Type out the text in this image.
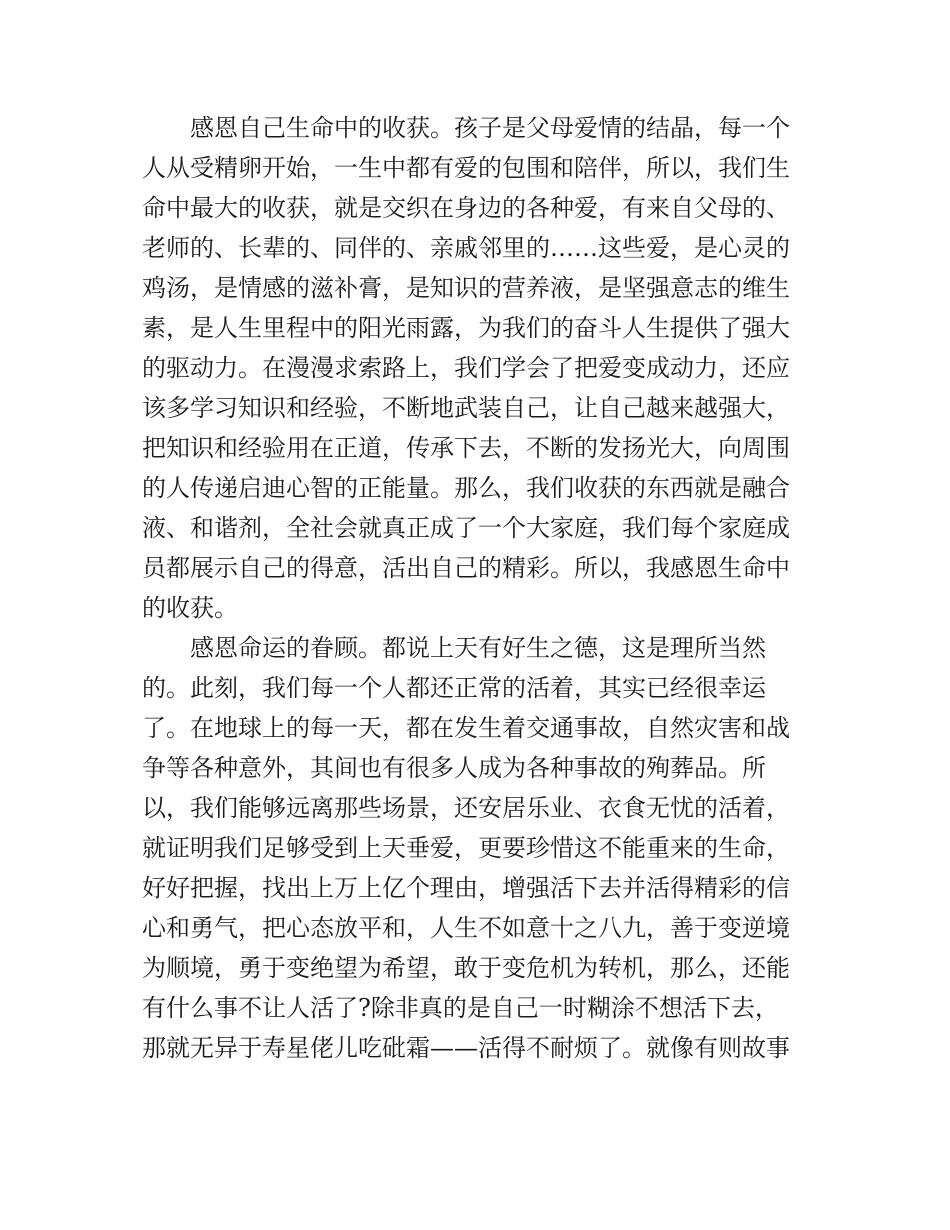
感恩自己生命中的收获。孩子是父母爱情的结晶，每一个
人从受精卵开始，一生中都有爱的包围和陪伴，所以，我们生
命中最大的收获，就是交织在身边的各种爱，有来自父母的、
老师的、长辈的、同伴的、亲戚邻里的……这些爱，是心灵的
鸡汤，是情感的滋补膏，是知识的营养液，是坚强意志的维生
素，是人生里程中的阳光雨露，为我们的奋斗人生提供了强大
的驱动力。在漫漫求索路上，我们学会了把爱变成动力，还应
该多学习知识和经验，不断地武装自己，让自己越来越强大，
把知识和经验用在正道，传承下去，不断的发扬光大，向周围
的人传递启迪心智的正能量。那么，我们收获的东西就是融合
液、和谐剂，全社会就真正成了一个大家庭，我们每个家庭成
员都展示自己的得意，活出自己的精彩。所以，我感恩生命中
的收获。
感恩命运的眷顾。都说上天有好生之德，这是理所当然
的。此刻，我们每一个人都还正常的活着，其实已经很幸运
了。在地球上的每一天，都在发生着交通事故，自然灾害和战
争等各种意外，其间也有很多人成为各种事故的殉葬品。所
以，我们能够远离那些场景，还安居乐业、衣食无忧的活着，
就证明我们足够受到上天垂爱，更要珍惜这不能重来的生命，
好好把握，找出上万上亿个理由，增强活下去并活得精彩的信
心和勇气，把心态放平和，人生不如意十之八九，善于变逆境
为顺境，勇于变绝望为希望，敢于变危机为转机，那么，还能
有什么事不让人活了?除非真的是自己一时糊涂不想活下去，
那就无异于寿星佬儿吃砒霜——活得不耐烦了。就像有则故事
